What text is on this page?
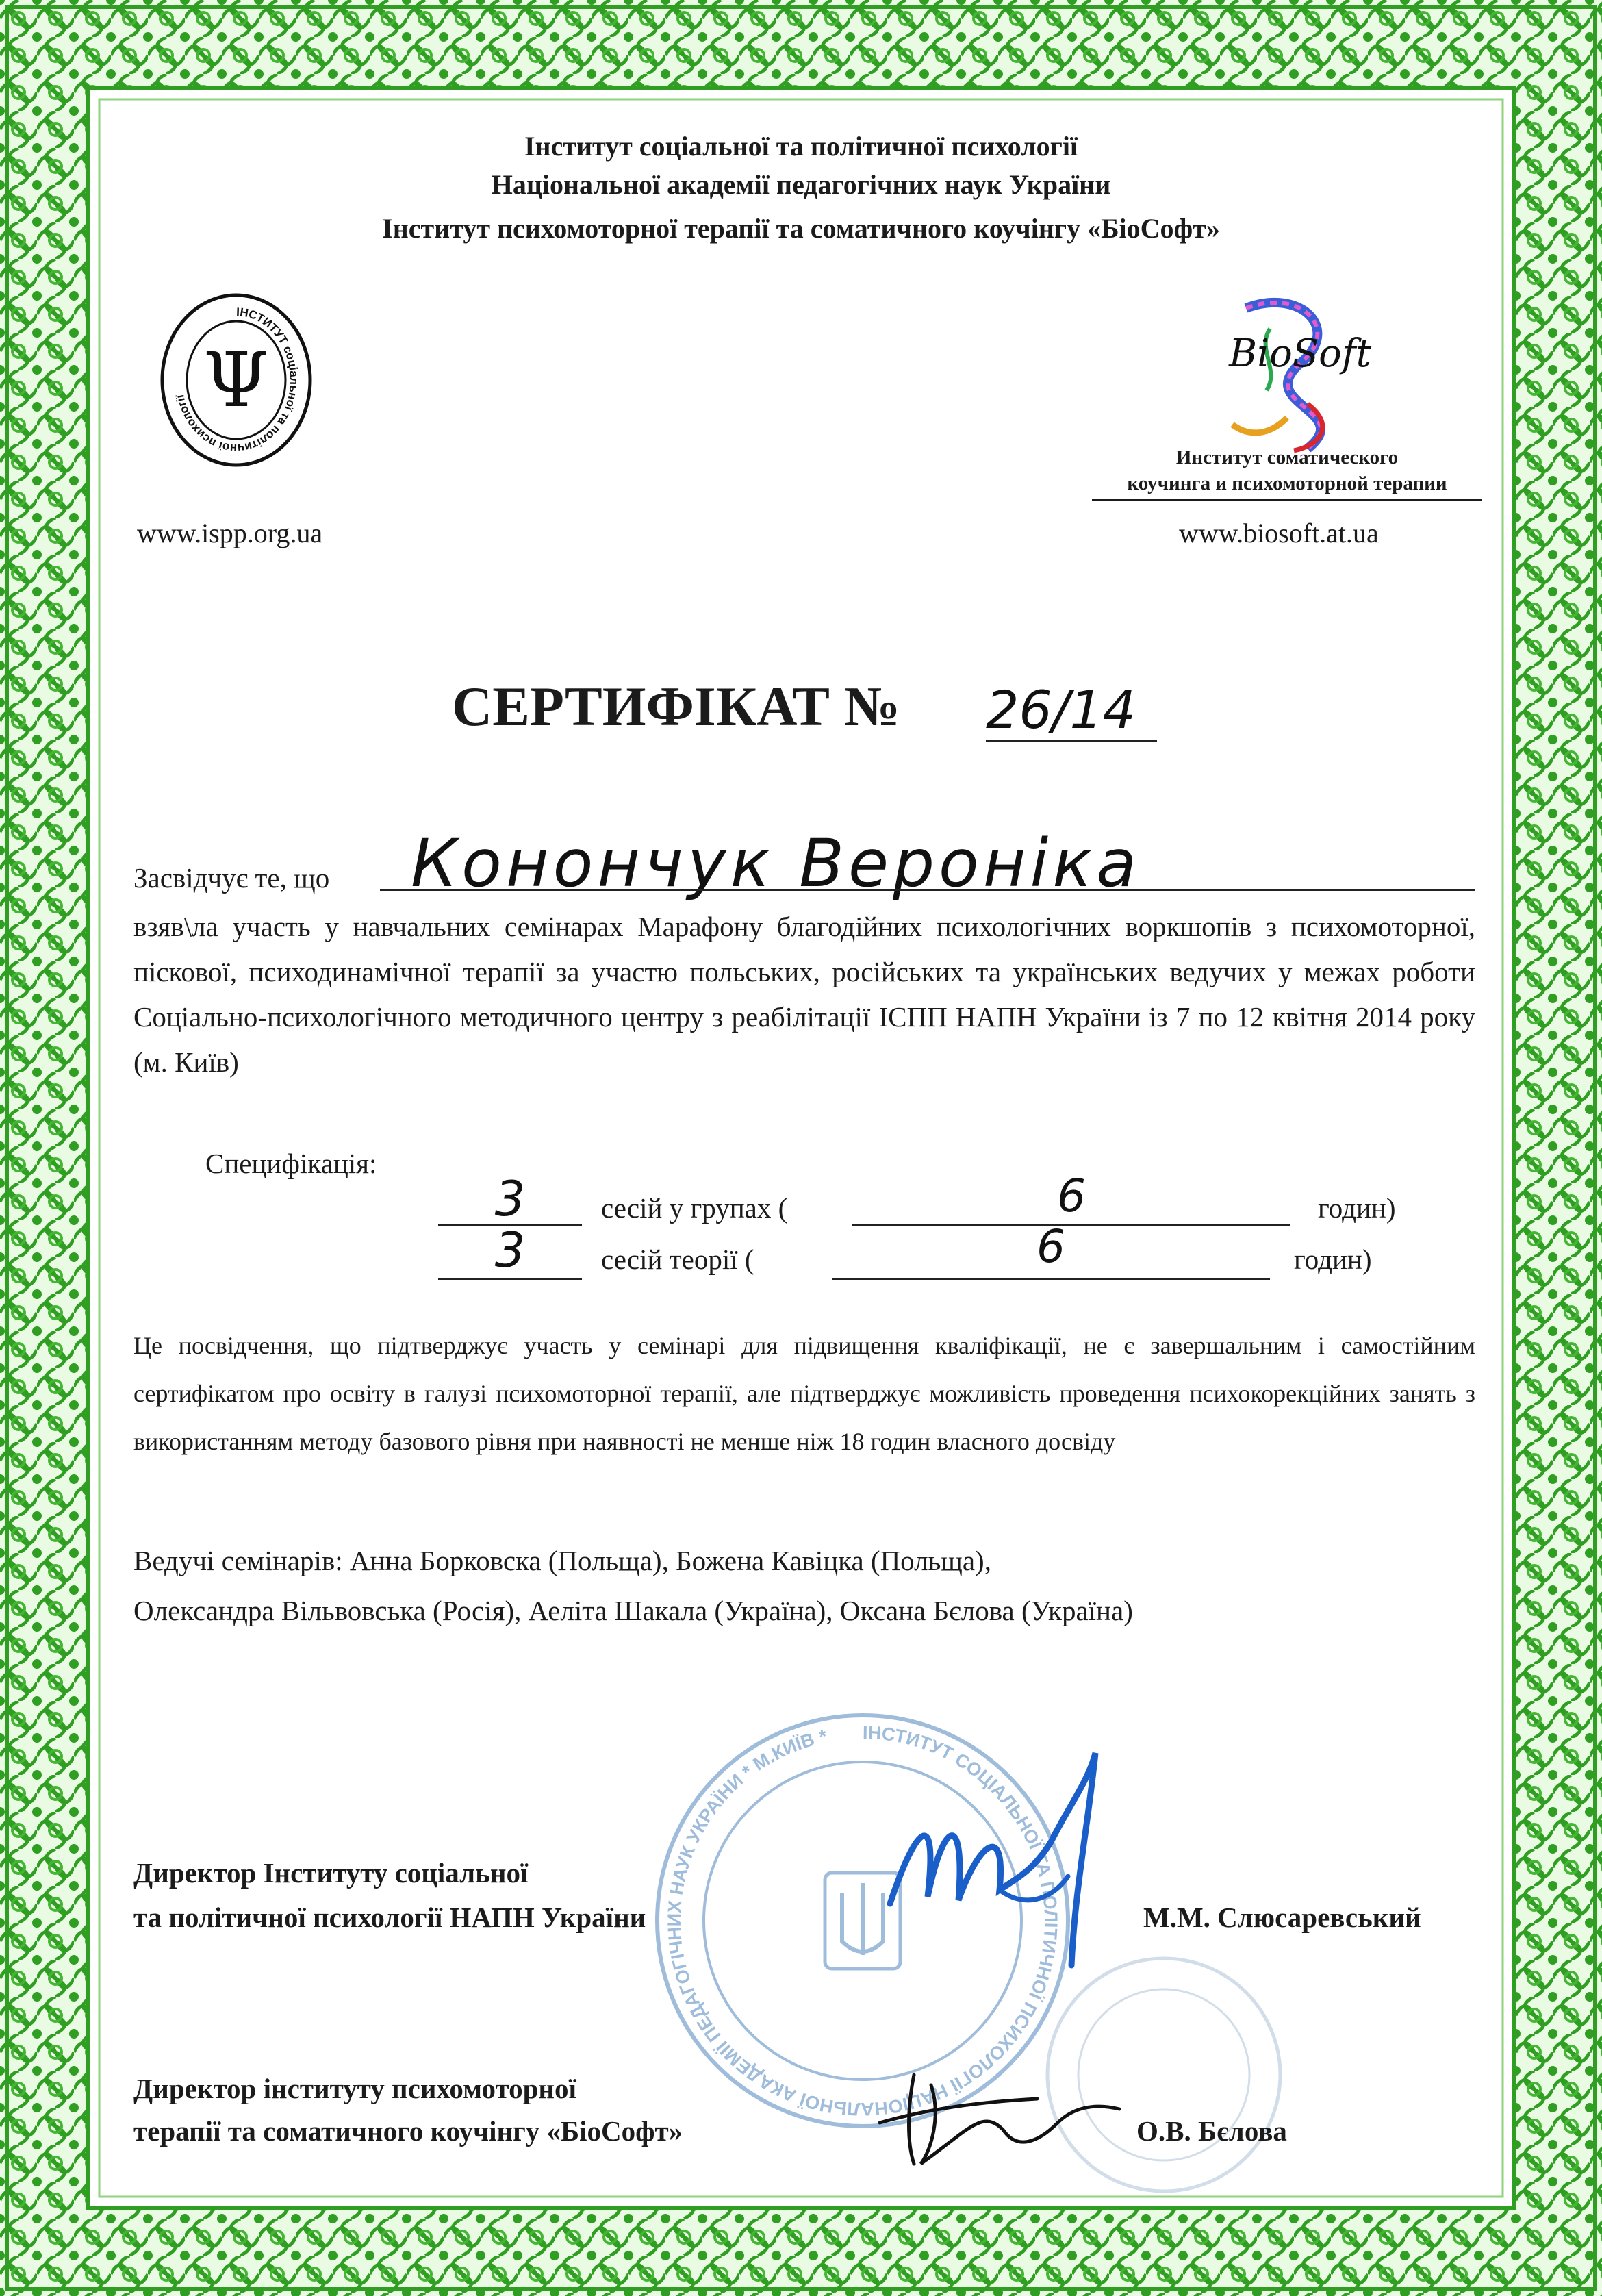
Інститут соціальної та політичної психології
Національної академії педагогічних наук України
Інститут психомоторної терапії та соматичного коучінгу «БіоСофт»
ІНСТИТУТ соціальної та політичної психології Ψ
www.ispp.org.ua
BioSoft
Институт соматического
коучинга и психомоторной терапии
www.biosoft.at.ua
СЕРТИФІКАТ № 26/14
Засвідчує те, що Конончук Вероніка
взяв\ла участь у навчальних семінарах Марафону благодійних психологічних воркшопів з психомоторної, піскової, психодинамічної терапії за участю польських, російських та українських ведучих у межах роботи Соціально-психологічного методичного центру з реабілітації ІСПП НАПН України із 7 по 12 квітня 2014 року (м. Київ)
Специфікація:
3	сесій у групах (	6	годин)
3	сесій теорії (	6	годин)
Це посвідчення, що підтверджує участь у семінарі для підвищення кваліфікації, не є завершальним і самостійним сертифікатом про освіту в галузі психомоторної терапії, але підтверджує можливість проведення психокорекційних занять з використанням методу базового рівня при наявності не менше ніж 18 годин власного досвіду
Ведучі семінарів: Анна Борковска (Польща), Божена Кавіцка (Польща),
Олександра Вільвовська (Росія), Аеліта Шакала (Україна), Оксана Бєлова (Україна)
ІНСТИТУТ СОЦІАЛЬНОЇ ТА ПОЛІТИЧНОЇ ПСИХОЛОГІЇ НАЦІОНАЛЬНОЇ АКАДЕМІЇ ПЕДАГОГІЧНИХ НАУК УКРАЇНИ * М.КИЇВ *
Директор Інституту соціальної
та політичної психології НАПН України	М.М. Слюсаревський
Директор інституту психомоторної
терапії та соматичного коучінгу «БіоСофт»	О.В. Бєлова
